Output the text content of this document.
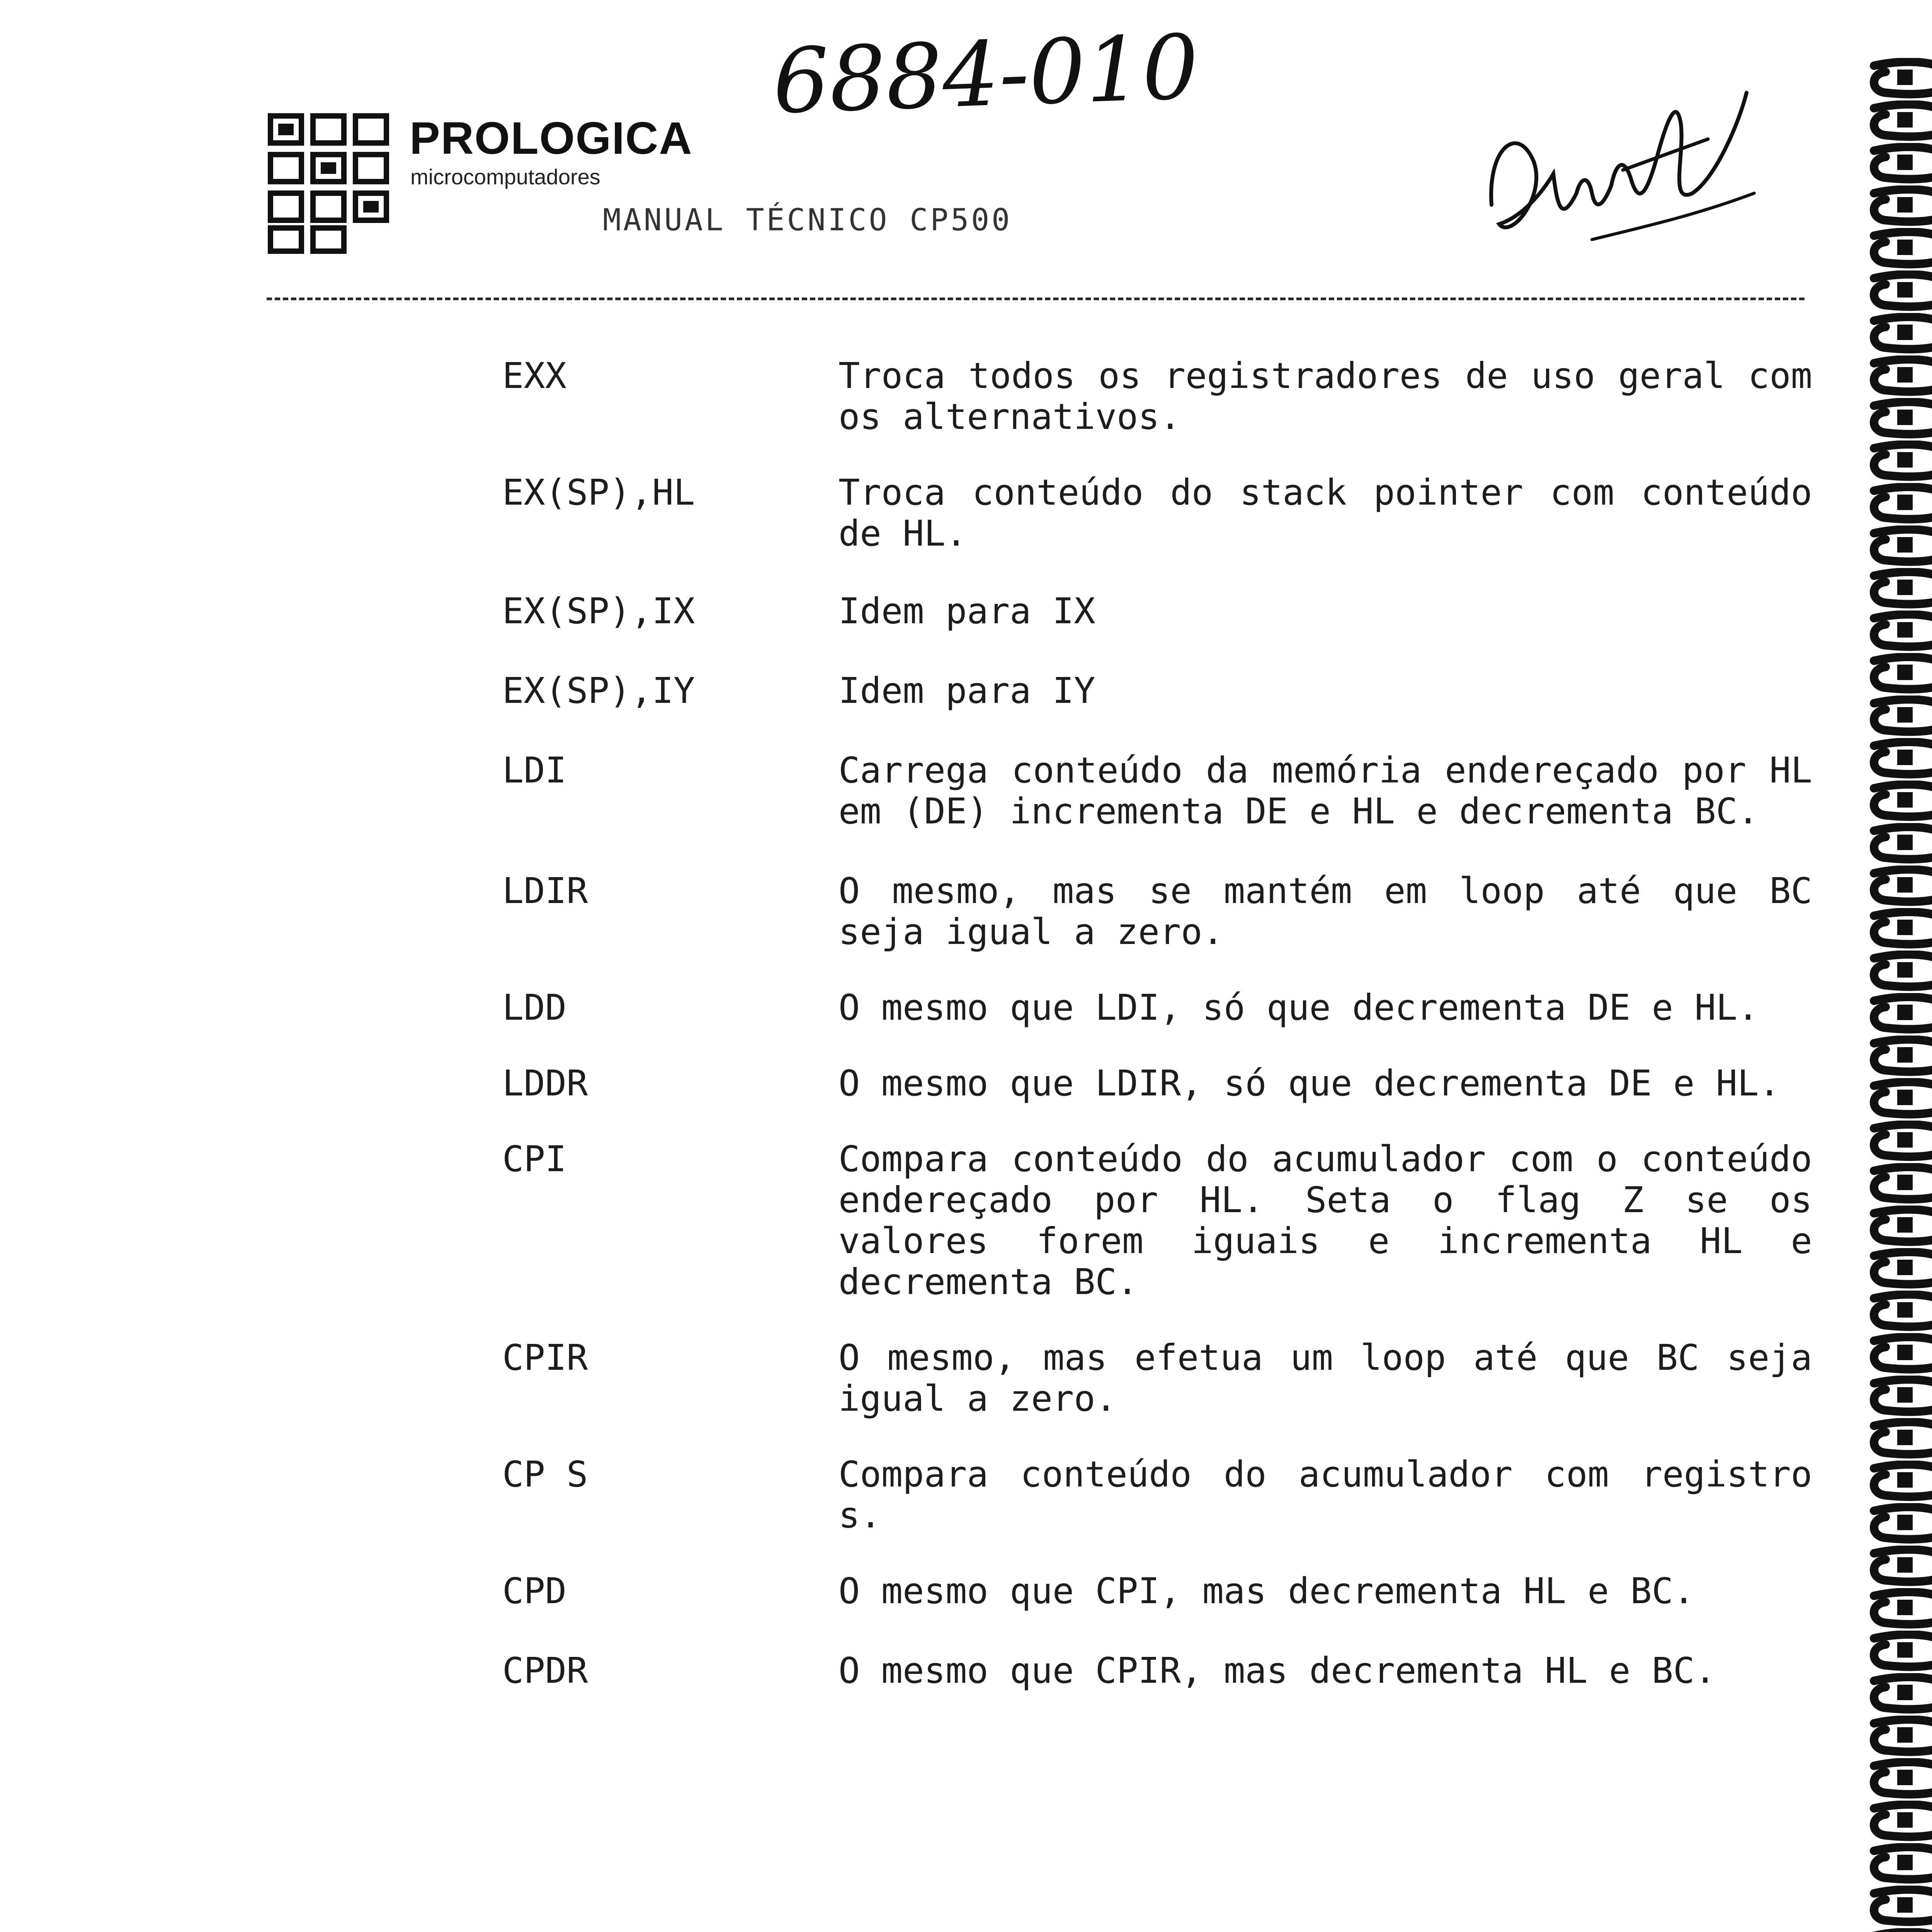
6884-010
PROLOGICA
microcomputadores
MANUAL TÉCNICO CP500
EXX	Troca todos os registradores de uso geral com os alternativos.
EX(SP),HL	Troca conteúdo do stack pointer com conteúdo de HL.
EX(SP),IX	Idem para IX
EX(SP),IY	Idem para IY
LDI	Carrega conteúdo da memória endereçado por HL em (DE) incrementa DE e HL e decrementa BC.
LDIR	O mesmo, mas se mantém em loop até que BC seja igual a zero.
LDD	O mesmo que LDI, só que decrementa DE e HL.
LDDR	O mesmo que LDIR, só que decrementa DE e HL.
CPI	Compara conteúdo do acumulador com o conteúdo endereçado por HL. Seta o flag Z se os valores forem iguais e incrementa HL e decrementa BC.
CPIR	O mesmo, mas efetua um loop até que BC seja igual a zero.
CP S	Compara conteúdo do acumulador com registro s.
CPD	O mesmo que CPI, mas decrementa HL e BC.
CPDR	O mesmo que CPIR, mas decrementa HL e BC.
